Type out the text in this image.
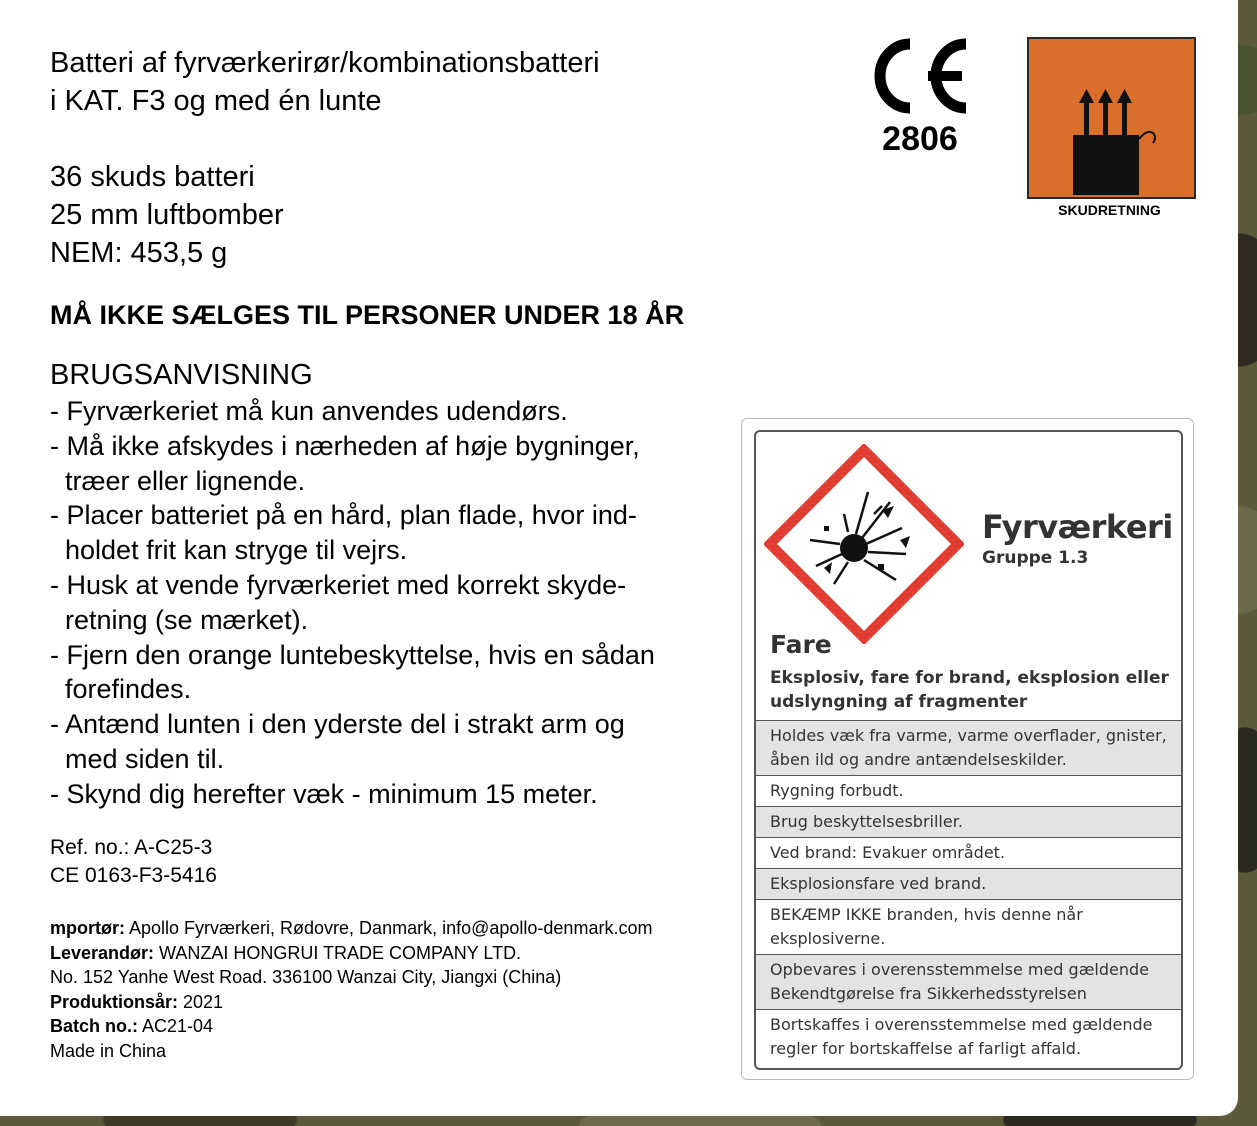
Batteri af fyrværkerirør/kombinationsbatteri
i KAT. F3 og med én lunte
36 skuds batteri
25 mm luftbomber
NEM: 453,5 g
MÅ IKKE SÆLGES TIL PERSONER UNDER 18 ÅR
BRUGSANVISNING
- Fyrværkeriet må kun anvendes udendørs.
- Må ikke afskydes i nærheden af høje bygninger,
træer eller lignende.
- Placer batteriet på en hård, plan flade, hvor ind-
holdet frit kan stryge til vejrs.
- Husk at vende fyrværkeriet med korrekt skyde-
retning (se mærket).
- Fjern den orange luntebeskyttelse, hvis en sådan
forefindes.
- Antænd lunten i den yderste del i strakt arm og
med siden til.
- Skynd dig herefter væk - minimum 15 meter.
Ref. no.: A-C25-3
CE 0163-F3-5416
mportør: Apollo Fyrværkeri, Rødovre, Danmark, info@apollo-denmark.com
Leverandør: WANZAI HONGRUI TRADE COMPANY LTD.
No. 152 Yanhe West Road. 336100 Wanzai City, Jiangxi (China)
Produktionsår: 2021
Batch no.: AC21-04
Made in China
2806
SKUDRETNING
Fyrværkeri
Gruppe 1.3
Fare
Eksplosiv, fare for brand, eksplosion eller
udslyngning af fragmenter
Holdes væk fra varme, varme overflader, gnister,
åben ild og andre antændelseskilder.
Rygning forbudt.
Brug beskyttelsesbriller.
Ved brand: Evakuer området.
Eksplosionsfare ved brand.
BEKÆMP IKKE branden, hvis denne når
eksplosiverne.
Opbevares i overensstemmelse med gældende
Bekendtgørelse fra Sikkerhedsstyrelsen
Bortskaffes i overensstemmelse med gældende
regler for bortskaffelse af farligt affald.
